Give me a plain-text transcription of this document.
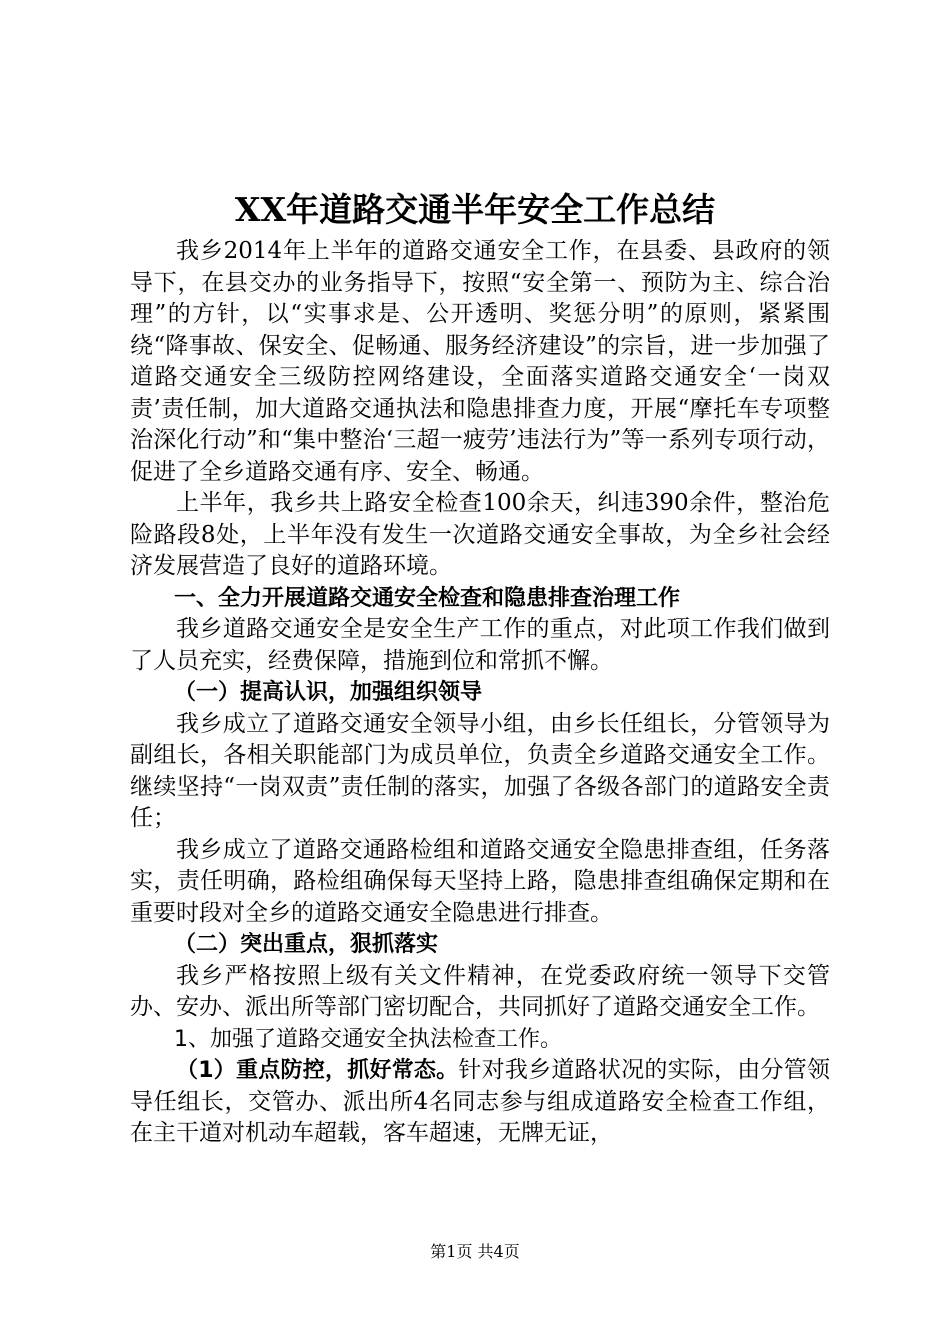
XX年道路交通半年安全工作总结

我乡2014年上半年的道路交通安全工作，在县委、县政府的领导下，在县交办的业务指导下，按照“安全第一、预防为主、综合治理”的方针，以“实事求是、公开透明、奖惩分明”的原则，紧紧围绕“降事故、保安全、促畅通、服务经济建设”的宗旨，进一步加强了道路交通安全三级防控网络建设，全面落实道路交通安全‘一岗双责’责任制，加大道路交通执法和隐患排查力度，开展“摩托车专项整治深化行动”和“集中整治‘三超一疲劳’违法行为”等一系列专项行动，促进了全乡道路交通有序、安全、畅通。

上半年，我乡共上路安全检查100余天，纠违390余件，整治危险路段8处，上半年没有发生一次道路交通安全事故，为全乡社会经济发展营造了良好的道路环境。

一、全力开展道路交通安全检查和隐患排查治理工作

我乡道路交通安全是安全生产工作的重点，对此项工作我们做到了人员充实，经费保障，措施到位和常抓不懈。

（一）提高认识，加强组织领导

我乡成立了道路交通安全领导小组，由乡长任组长，分管领导为副组长，各相关职能部门为成员单位，负责全乡道路交通安全工作。继续坚持“一岗双责”责任制的落实，加强了各级各部门的道路安全责任；

我乡成立了道路交通路检组和道路交通安全隐患排查组，任务落实，责任明确，路检组确保每天坚持上路，隐患排查组确保定期和在重要时段对全乡的道路交通安全隐患进行排查。

（二）突出重点，狠抓落实

我乡严格按照上级有关文件精神，在党委政府统一领导下交管办、安办、派出所等部门密切配合，共同抓好了道路交通安全工作。

1、加强了道路交通安全执法检查工作。

（1）重点防控，抓好常态。针对我乡道路状况的实际，由分管领导任组长，交管办、派出所4名同志参与组成道路安全检查工作组，在主干道对机动车超载，客车超速，无牌无证，

第1页 共4页
